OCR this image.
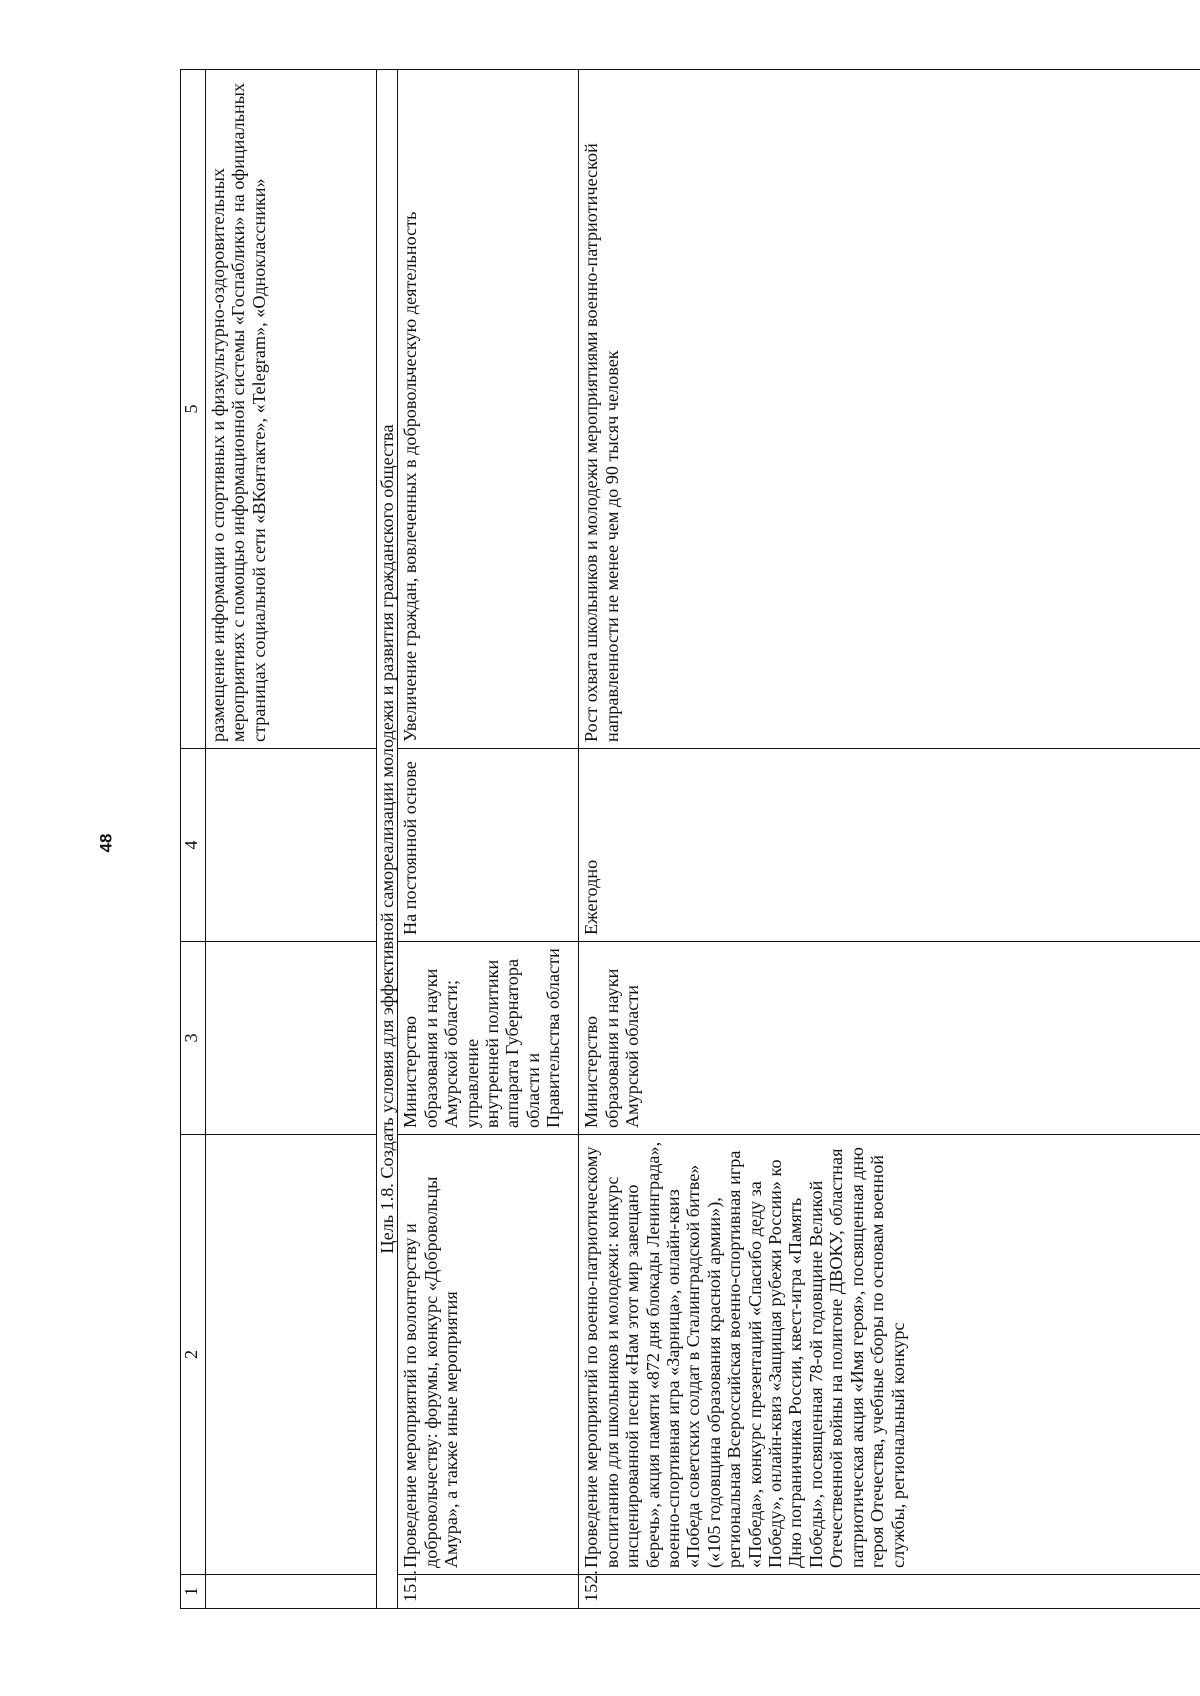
48
1	2	3	4	5
				размещение информации о спортивных и физкультурно-оздоровительных мероприятиях с помощью информационной системы «Госпаблики» на официальных страницах социальной сети «ВКонтакте», «Telegram», «Одноклассники»
Цель 1.8. Создать условия для эффективной самореализации молодежи и развития гражданского общества				
151.	Проведение мероприятий по волонтерству и добровольчеству: форумы, конкурс «Добровольцы Амура», а также иные мероприятия	Министерство образования и науки Амурской области; управление внутренней политики аппарата Губернатора области и Правительства области	На постоянной основе	Увеличение граждан, вовлеченных в добровольческую деятельность
152.	Проведение мероприятий по военно-патриотическому воспитанию для школьников и молодежи: конкурс инсценированной песни «Нам этот мир завещано беречь», акция памяти «872 дня блокады Ленинграда», военно-спортивная игра «Зарница», онлайн-квиз «Победа советских солдат в Сталинградской битве» («105 годовщина образования красной армии»), региональная Всероссийская военно-спортивная игра «Победа», конкурс презентаций «Спасибо деду за Победу», онлайн-квиз «Защищая рубежи России» ко Дню пограничника России, квест-игра «Память Победы», посвященная 78-ой годовщине Великой Отечественной войны на полигоне ДВОКУ, областная патриотическая акция «Имя героя», посвященная дню героя Отечества, учебные сборы по основам военной службы, региональный конкурс	Министерство образования и науки Амурской области	Ежегодно	Рост охвата школьников и молодежи мероприятиями военно-патриотической направленности не менее чем до 90 тысяч человек
